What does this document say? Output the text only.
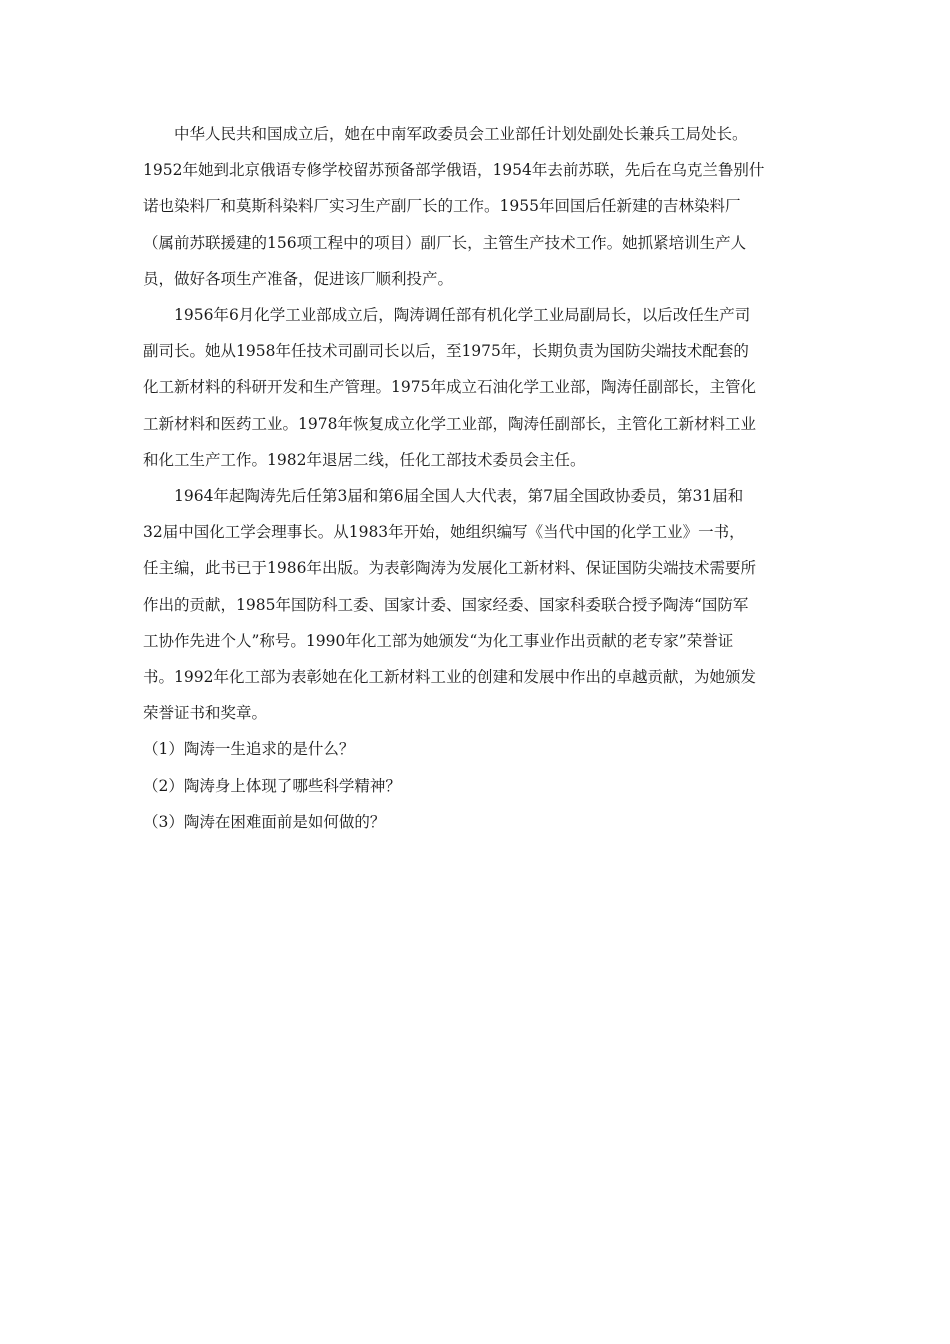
中华人民共和国成立后，她在中南军政委员会工业部任计划处副处长兼兵工局处长。
1952年她到北京俄语专修学校留苏预备部学俄语，1954年去前苏联，先后在乌克兰鲁别什
诺也染料厂和莫斯科染料厂实习生产副厂长的工作。1955年回国后任新建的吉林染料厂
（属前苏联援建的156项工程中的项目）副厂长，主管生产技术工作。她抓紧培训生产人
员，做好各项生产准备，促进该厂顺利投产。
1956年6月化学工业部成立后，陶涛调任部有机化学工业局副局长，以后改任生产司
副司长。她从1958年任技术司副司长以后，至1975年，长期负责为国防尖端技术配套的
化工新材料的科研开发和生产管理。1975年成立石油化学工业部，陶涛任副部长，主管化
工新材料和医药工业。1978年恢复成立化学工业部，陶涛任副部长，主管化工新材料工业
和化工生产工作。1982年退居二线，任化工部技术委员会主任。
1964年起陶涛先后任第3届和第6届全国人大代表，第7届全国政协委员，第31届和
32届中国化工学会理事长。从1983年开始，她组织编写《当代中国的化学工业》一书，
任主编，此书已于1986年出版。为表彰陶涛为发展化工新材料、保证国防尖端技术需要所
作出的贡献，1985年国防科工委、国家计委、国家经委、国家科委联合授予陶涛“国防军
工协作先进个人”称号。1990年化工部为她颁发“为化工事业作出贡献的老专家”荣誉证
书。1992年化工部为表彰她在化工新材料工业的创建和发展中作出的卓越贡献，为她颁发
荣誉证书和奖章。

（1）陶涛一生追求的是什么？

（2）陶涛身上体现了哪些科学精神？

（3）陶涛在困难面前是如何做的？
